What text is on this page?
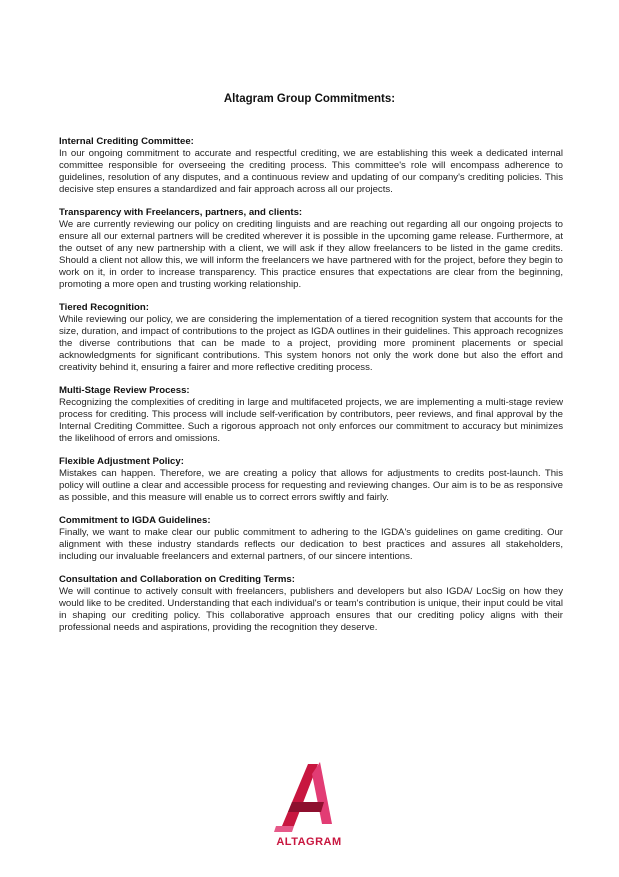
Altagram Group Commitments:
Internal Crediting Committee:

In our ongoing commitment to accurate and respectful crediting, we are establishing this week a dedicated internal committee responsible for overseeing the crediting process. This committee's role will encompass adherence to guidelines, resolution of any disputes, and a continuous review and updating of our company's crediting policies. This decisive step ensures a standardized and fair approach across all our projects.

Transparency with Freelancers, partners, and clients:

We are currently reviewing our policy on crediting linguists and are reaching out regarding all our ongoing projects to ensure all our external partners will be credited wherever it is possible in the upcoming game release. Furthermore, at the outset of any new partnership with a client, we will ask if they allow freelancers to be listed in the game credits. Should a client not allow this, we will inform the freelancers we have partnered with for the project, before they begin to work on it, in order to increase transparency. This practice ensures that expectations are clear from the beginning, promoting a more open and trusting working relationship.

Tiered Recognition:

While reviewing our policy, we are considering the implementation of a tiered recognition system that accounts for the size, duration, and impact of contributions to the project as IGDA outlines in their guidelines. This approach recognizes the diverse contributions that can be made to a project, providing more prominent placements or special acknowledgments for significant contributions. This system honors not only the work done but also the effort and creativity behind it, ensuring a fairer and more reflective crediting process.

Multi-Stage Review Process:

Recognizing the complexities of crediting in large and multifaceted projects, we are implementing a multi-stage review process for crediting. This process will include self-verification by contributors, peer reviews, and final approval by the Internal Crediting Committee. Such a rigorous approach not only enforces our commitment to accuracy but minimizes the likelihood of errors and omissions.

Flexible Adjustment Policy:

Mistakes can happen. Therefore, we are creating a policy that allows for adjustments to credits post-launch. This policy will outline a clear and accessible process for requesting and reviewing changes. Our aim is to be as responsive as possible, and this measure will enable us to correct errors swiftly and fairly.

Commitment to IGDA Guidelines:

Finally, we want to make clear our public commitment to adhering to the IGDA's guidelines on game crediting. Our alignment with these industry standards reflects our dedication to best practices and assures all stakeholders, including our invaluable freelancers and external partners, of our sincere intentions.

Consultation and Collaboration on Crediting Terms:

We will continue to actively consult with freelancers, publishers and developers but also IGDA/ LocSig on how they would like to be credited. Understanding that each individual's or team's contribution is unique, their input could be vital in shaping our crediting policy. This collaborative approach ensures that our crediting policy aligns with their professional needs and aspirations, providing the recognition they deserve.

ALTAGRAM
